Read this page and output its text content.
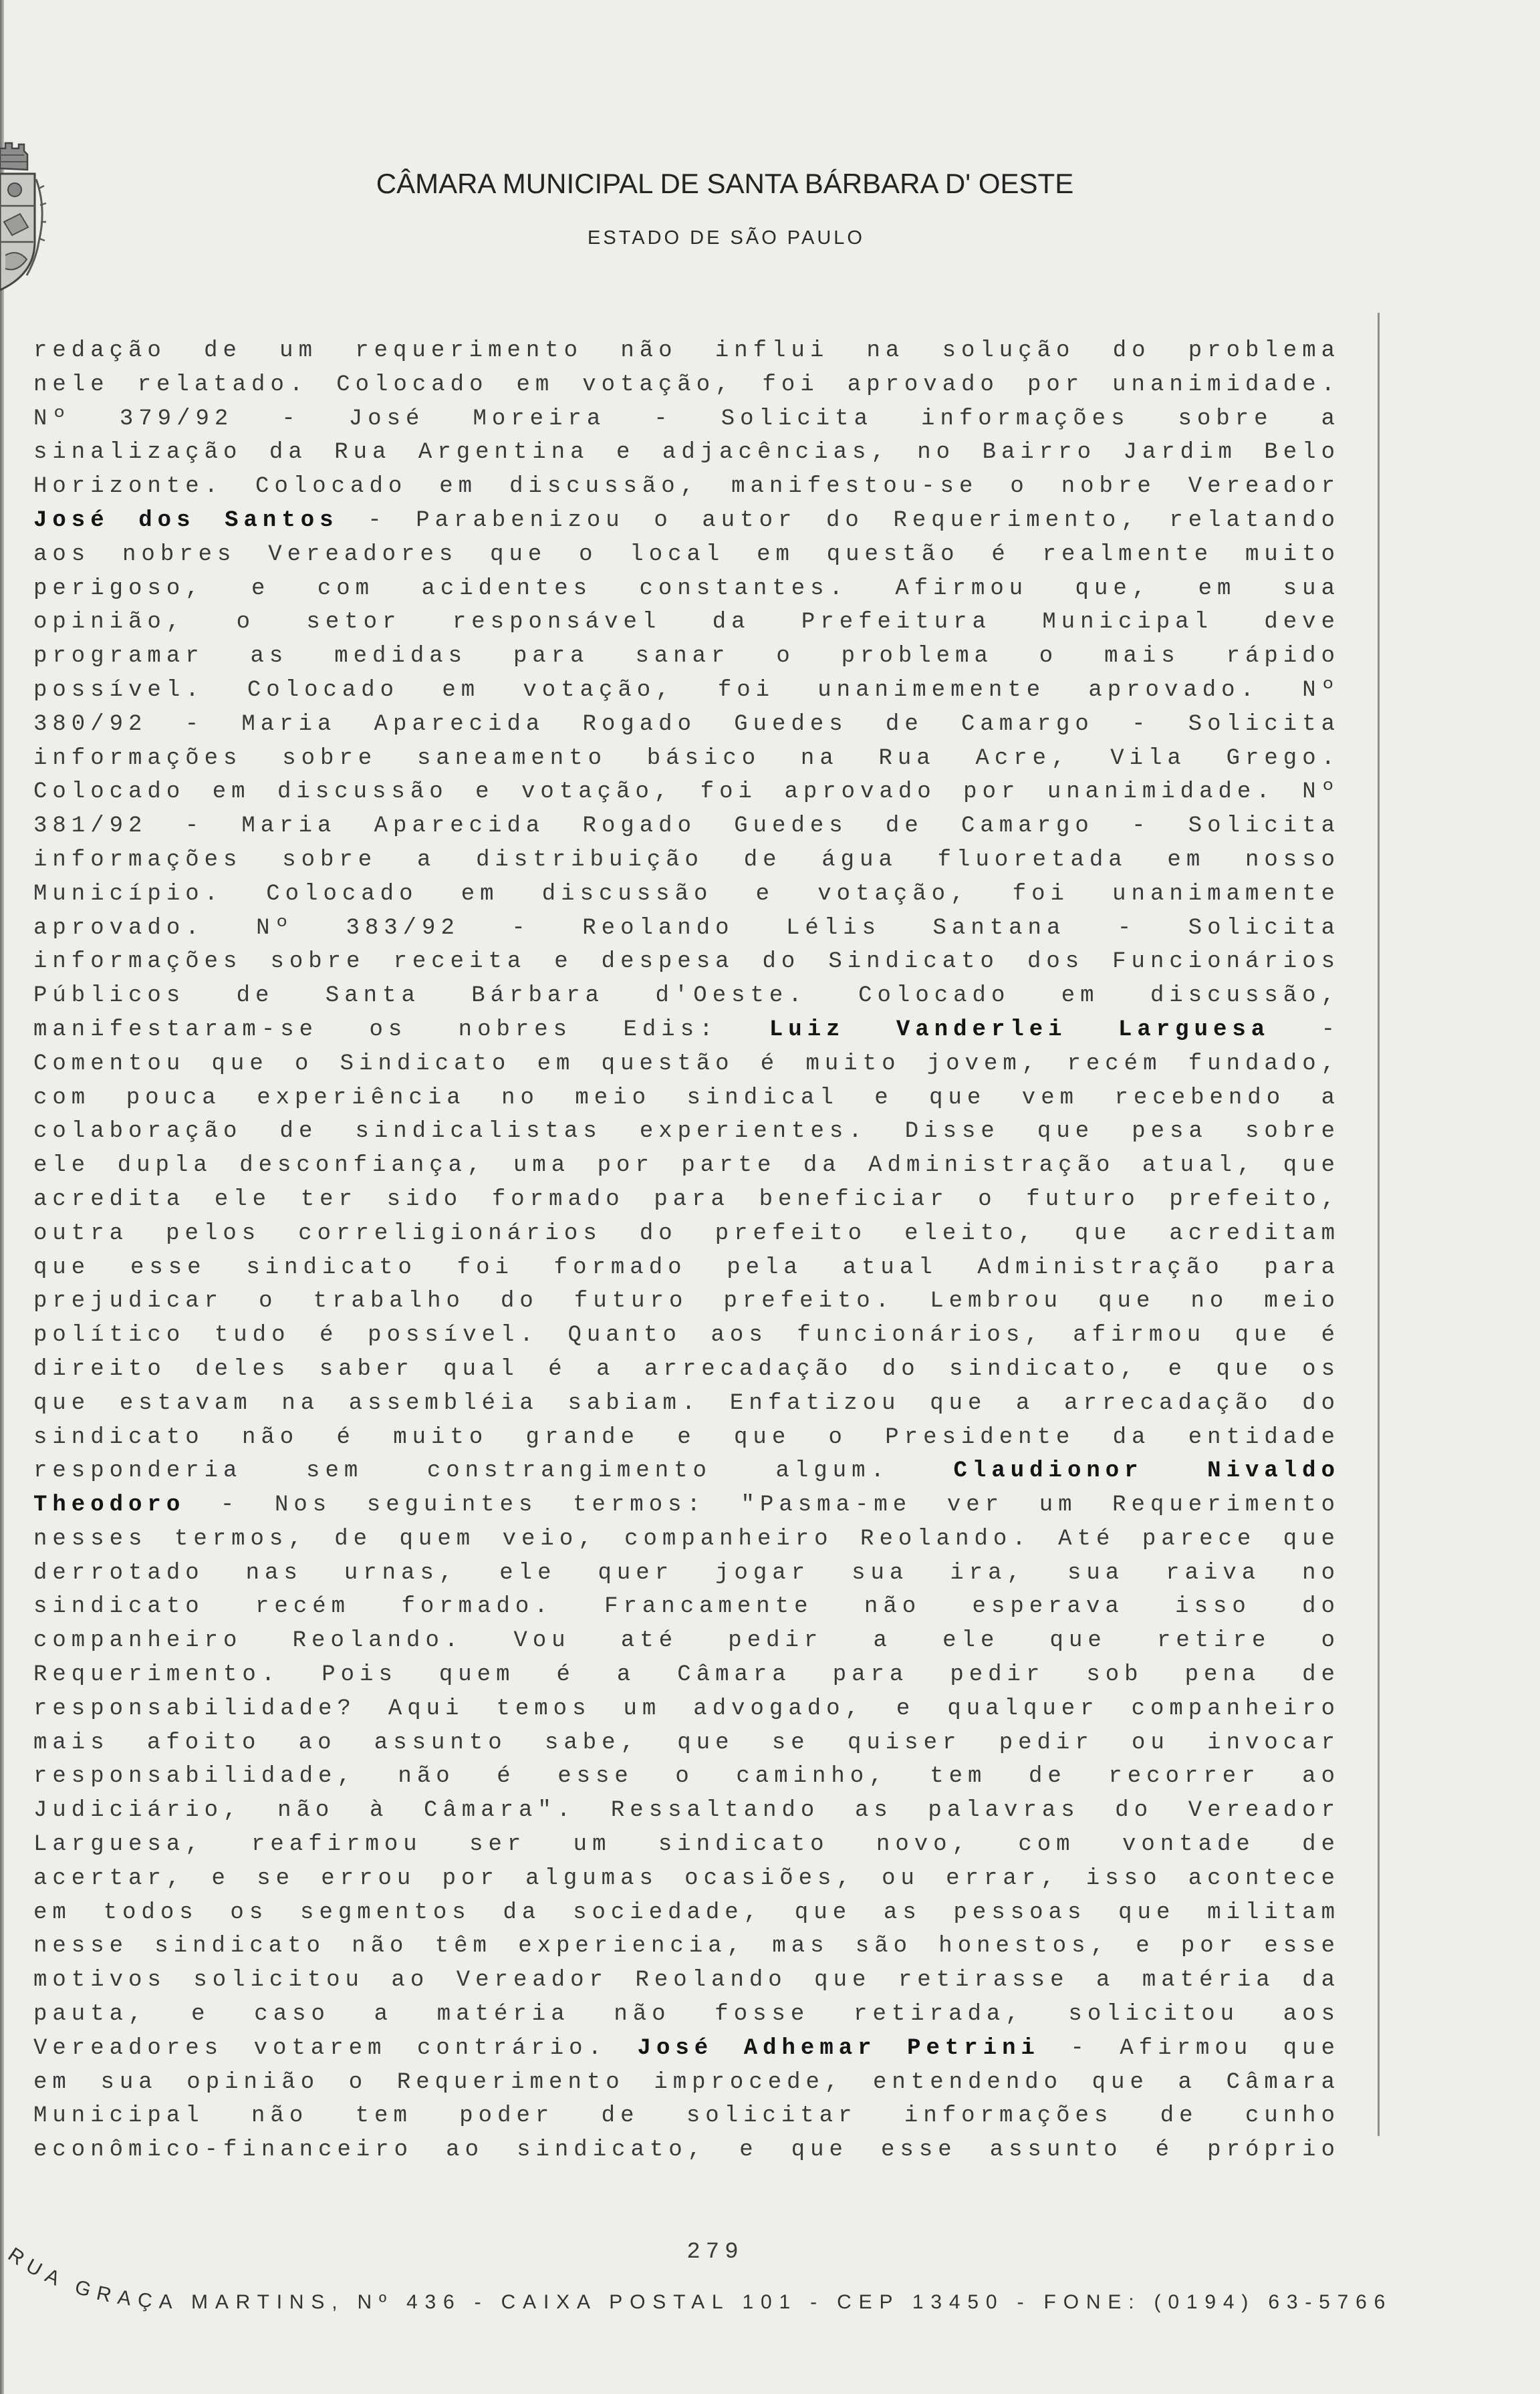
CÂMARA MUNICIPAL DE SANTA BÁRBARA D' OESTE
ESTADO DE SÃO PAULO
redação de um requerimento não influi na solução do problema
nele relatado. Colocado em votação, foi aprovado por unanimidade.
Nº 379/92 - José Moreira - Solicita informações sobre a
sinalização da Rua Argentina e adjacências, no Bairro Jardim Belo
Horizonte. Colocado em discussão, manifestou-se o nobre Vereador
José dos Santos - Parabenizou o autor do Requerimento, relatando
aos nobres Vereadores que o local em questão é realmente muito
perigoso, e com acidentes constantes. Afirmou que, em sua
opinião, o setor responsável da Prefeitura Municipal deve
programar as medidas para sanar o problema o mais rápido
possível. Colocado em votação, foi unanimemente aprovado. Nº
380/92 - Maria Aparecida Rogado Guedes de Camargo - Solicita
informações sobre saneamento básico na Rua Acre, Vila Grego.
Colocado em discussão e votação, foi aprovado por unanimidade. Nº
381/92 - Maria Aparecida Rogado Guedes de Camargo - Solicita
informações sobre a distribuição de água fluoretada em nosso
Município. Colocado em discussão e votação, foi unanimamente
aprovado. Nº 383/92 - Reolando Lélis Santana - Solicita
informações sobre receita e despesa do Sindicato dos Funcionários
Públicos de Santa Bárbara d'Oeste. Colocado em discussão,
manifestaram-se os nobres Edis: Luiz Vanderlei Larguesa -
Comentou que o Sindicato em questão é muito jovem, recém fundado,
com pouca experiência no meio sindical e que vem recebendo a
colaboração de sindicalistas experientes. Disse que pesa sobre
ele dupla desconfiança, uma por parte da Administração atual, que
acredita ele ter sido formado para beneficiar o futuro prefeito,
outra pelos correligionários do prefeito eleito, que acreditam
que esse sindicato foi formado pela atual Administração para
prejudicar o trabalho do futuro prefeito. Lembrou que no meio
político tudo é possível. Quanto aos funcionários, afirmou que é
direito deles saber qual é a arrecadação do sindicato, e que os
que estavam na assembléia sabiam. Enfatizou que a arrecadação do
sindicato não é muito grande e que o Presidente da entidade
responderia sem constrangimento algum. Claudionor Nivaldo
Theodoro - Nos seguintes termos: "Pasma-me ver um Requerimento
nesses termos, de quem veio, companheiro Reolando. Até parece que
derrotado nas urnas, ele quer jogar sua ira, sua raiva no
sindicato recém formado. Francamente não esperava isso do
companheiro Reolando. Vou até pedir a ele que retire o
Requerimento. Pois quem é a Câmara para pedir sob pena de
responsabilidade? Aqui temos um advogado, e qualquer companheiro
mais afoito ao assunto sabe, que se quiser pedir ou invocar
responsabilidade, não é esse o caminho, tem de recorrer ao
Judiciário, não à Câmara". Ressaltando as palavras do Vereador
Larguesa, reafirmou ser um sindicato novo, com vontade de
acertar, e se errou por algumas ocasiões, ou errar, isso acontece
em todos os segmentos da sociedade, que as pessoas que militam
nesse sindicato não têm experiencia, mas são honestos, e por esse
motivos solicitou ao Vereador Reolando que retirasse a matéria da
pauta, e caso a matéria não fosse retirada, solicitou aos
Vereadores votarem contrário. José Adhemar Petrini - Afirmou que
em sua opinião o Requerimento improcede, entendendo que a Câmara
Municipal não tem poder de solicitar informações de cunho
econômico-financeiro ao sindicato, e que esse assunto é próprio
279
RUA GRAÇA MARTINS, Nº 436 - CAIXA POSTAL 101 - CEP 13450 - FONE: (0194) 63-5766
